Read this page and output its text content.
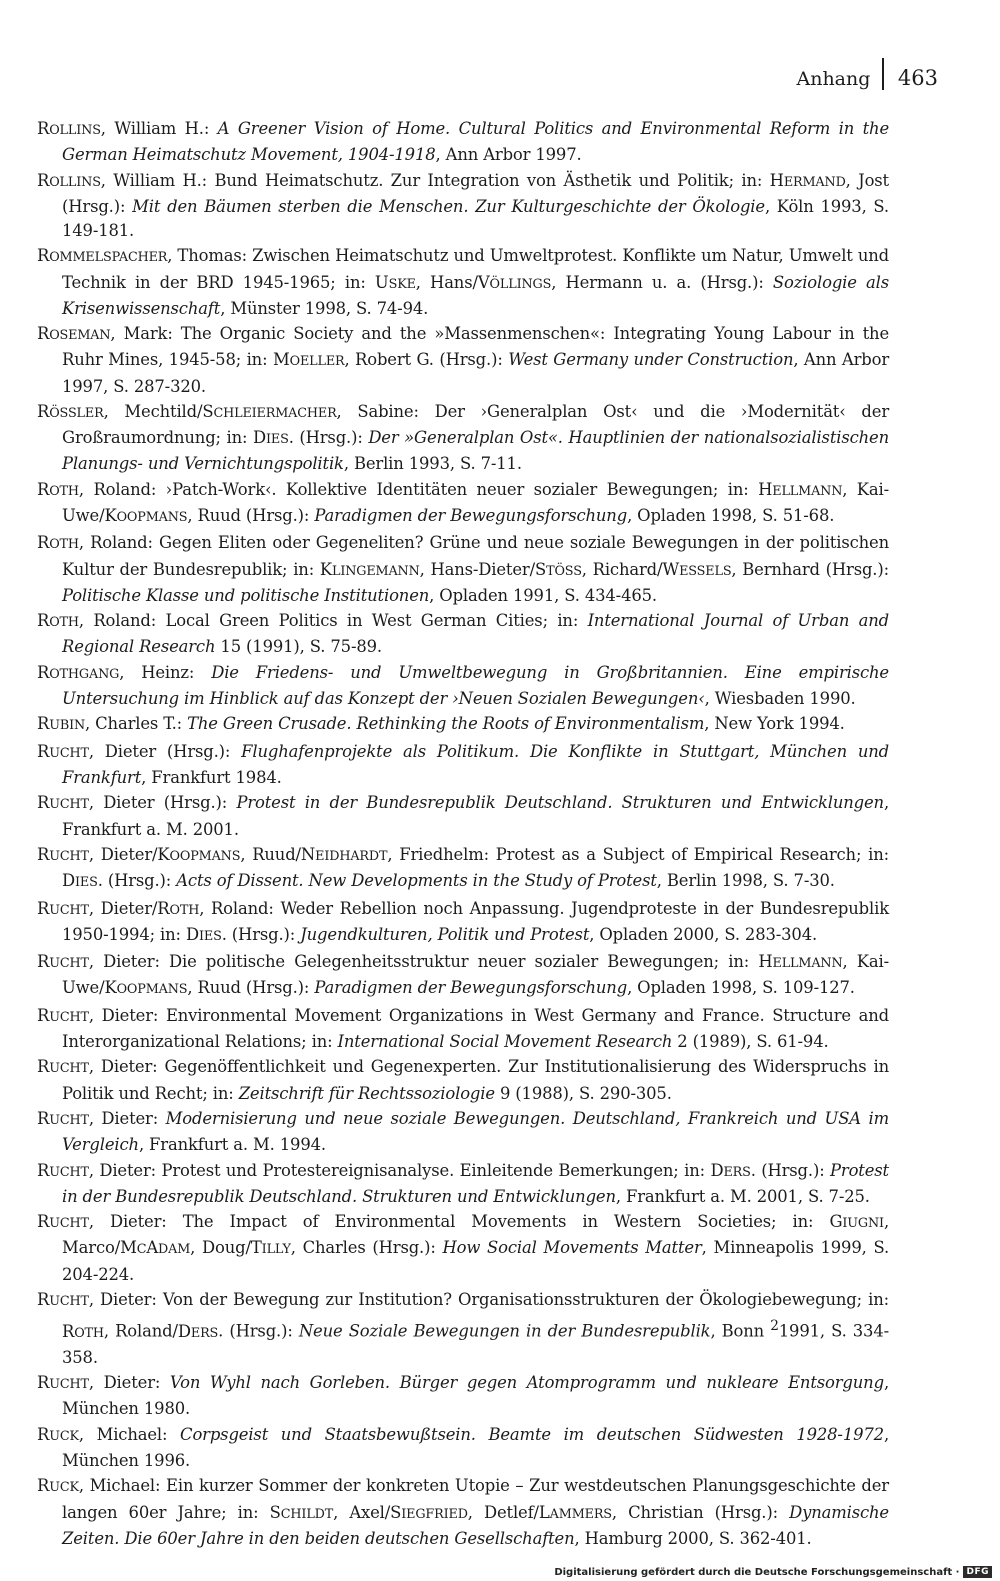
Anhang 463

ROLLINS, William H.: A Greener Vision of Home. Cultural Politics and Environmental Reform in the German Heimatschutz Movement, 1904-1918, Ann Arbor 1997.

ROLLINS, William H.: Bund Heimatschutz. Zur Integration von Ästhetik und Politik; in: HERMAND, Jost (Hrsg.): Mit den Bäumen sterben die Menschen. Zur Kulturgeschichte der Ökologie, Köln 1993, S. 149-181.

ROMMELSPACHER, Thomas: Zwischen Heimatschutz und Umweltprotest. Konflikte um Natur, Umwelt und Technik in der BRD 1945-1965; in: USKE, Hans/VÖLLINGS, Hermann u. a. (Hrsg.): Soziologie als Krisenwissenschaft, Münster 1998, S. 74-94.

ROSEMAN, Mark: The Organic Society and the »Massenmenschen«: Integrating Young Labour in the Ruhr Mines, 1945-58; in: MOELLER, Robert G. (Hrsg.): West Germany under Construction, Ann Arbor 1997, S. 287-320.

RÖSSLER, Mechtild/SCHLEIERMACHER, Sabine: Der ›Generalplan Ost‹ und die ›Modernität‹ der Großraumordnung; in: DIES. (Hrsg.): Der »Generalplan Ost«. Hauptlinien der nationalsozialistischen Planungs- und Vernichtungspolitik, Berlin 1993, S. 7-11.

ROTH, Roland: ›Patch-Work‹. Kollektive Identitäten neuer sozialer Bewegungen; in: HELLMANN, Kai-Uwe/KOOPMANS, Ruud (Hrsg.): Paradigmen der Bewegungsforschung, Opladen 1998, S. 51-68.

ROTH, Roland: Gegen Eliten oder Gegeneliten? Grüne und neue soziale Bewegungen in der politischen Kultur der Bundesrepublik; in: KLINGEMANN, Hans-Dieter/STÖSS, Richard/WESSELS, Bernhard (Hrsg.): Politische Klasse und politische Institutionen, Opladen 1991, S. 434-465.

ROTH, Roland: Local Green Politics in West German Cities; in: International Journal of Urban and Regional Research 15 (1991), S. 75-89.

ROTHGANG, Heinz: Die Friedens- und Umweltbewegung in Großbritannien. Eine empirische Untersuchung im Hinblick auf das Konzept der ›Neuen Sozialen Bewegungen‹, Wiesbaden 1990.

RUBIN, Charles T.: The Green Crusade. Rethinking the Roots of Environmentalism, New York 1994.

RUCHT, Dieter (Hrsg.): Flughafenprojekte als Politikum. Die Konflikte in Stuttgart, München und Frankfurt, Frankfurt 1984.

RUCHT, Dieter (Hrsg.): Protest in der Bundesrepublik Deutschland. Strukturen und Entwicklungen, Frankfurt a. M. 2001.

RUCHT, Dieter/KOOPMANS, Ruud/NEIDHARDT, Friedhelm: Protest as a Subject of Empirical Research; in: DIES. (Hrsg.): Acts of Dissent. New Developments in the Study of Protest, Berlin 1998, S. 7-30.

RUCHT, Dieter/ROTH, Roland: Weder Rebellion noch Anpassung. Jugendproteste in der Bundesrepublik 1950-1994; in: DIES. (Hrsg.): Jugendkulturen, Politik und Protest, Opladen 2000, S. 283-304.

RUCHT, Dieter: Die politische Gelegenheitsstruktur neuer sozialer Bewegungen; in: HELLMANN, Kai-Uwe/KOOPMANS, Ruud (Hrsg.): Paradigmen der Bewegungsforschung, Opladen 1998, S. 109-127.

RUCHT, Dieter: Environmental Movement Organizations in West Germany and France. Structure and Interorganizational Relations; in: International Social Movement Research 2 (1989), S. 61-94.

RUCHT, Dieter: Gegenöffentlichkeit und Gegenexperten. Zur Institutionalisierung des Widerspruchs in Politik und Recht; in: Zeitschrift für Rechtssoziologie 9 (1988), S. 290-305.

RUCHT, Dieter: Modernisierung und neue soziale Bewegungen. Deutschland, Frankreich und USA im Vergleich, Frankfurt a. M. 1994.

RUCHT, Dieter: Protest und Protestereignisanalyse. Einleitende Bemerkungen; in: DERS. (Hrsg.): Protest in der Bundesrepublik Deutschland. Strukturen und Entwicklungen, Frankfurt a. M. 2001, S. 7-25.

RUCHT, Dieter: The Impact of Environmental Movements in Western Societies; in: GIUGNI, Marco/MCADAM, Doug/TILLY, Charles (Hrsg.): How Social Movements Matter, Minneapolis 1999, S. 204-224.

RUCHT, Dieter: Von der Bewegung zur Institution? Organisationsstrukturen der Ökologiebewegung; in: ROTH, Roland/DERS. (Hrsg.): Neue Soziale Bewegungen in der Bundesrepublik, Bonn $^2$1991, S. 334-358.

RUCHT, Dieter: Von Wyhl nach Gorleben. Bürger gegen Atomprogramm und nukleare Entsorgung, München 1980.

RUCK, Michael: Corpsgeist und Staatsbewußtsein. Beamte im deutschen Südwesten 1928-1972, München 1996.

RUCK, Michael: Ein kurzer Sommer der konkreten Utopie – Zur westdeutschen Planungsgeschichte der langen 60er Jahre; in: SCHILDT, Axel/SIEGFRIED, Detlef/LAMMERS, Christian (Hrsg.): Dynamische Zeiten. Die 60er Jahre in den beiden deutschen Gesellschaften, Hamburg 2000, S. 362-401.

Digitalisierung gefördert durch die Deutsche Forschungsgemeinschaft · DFG
